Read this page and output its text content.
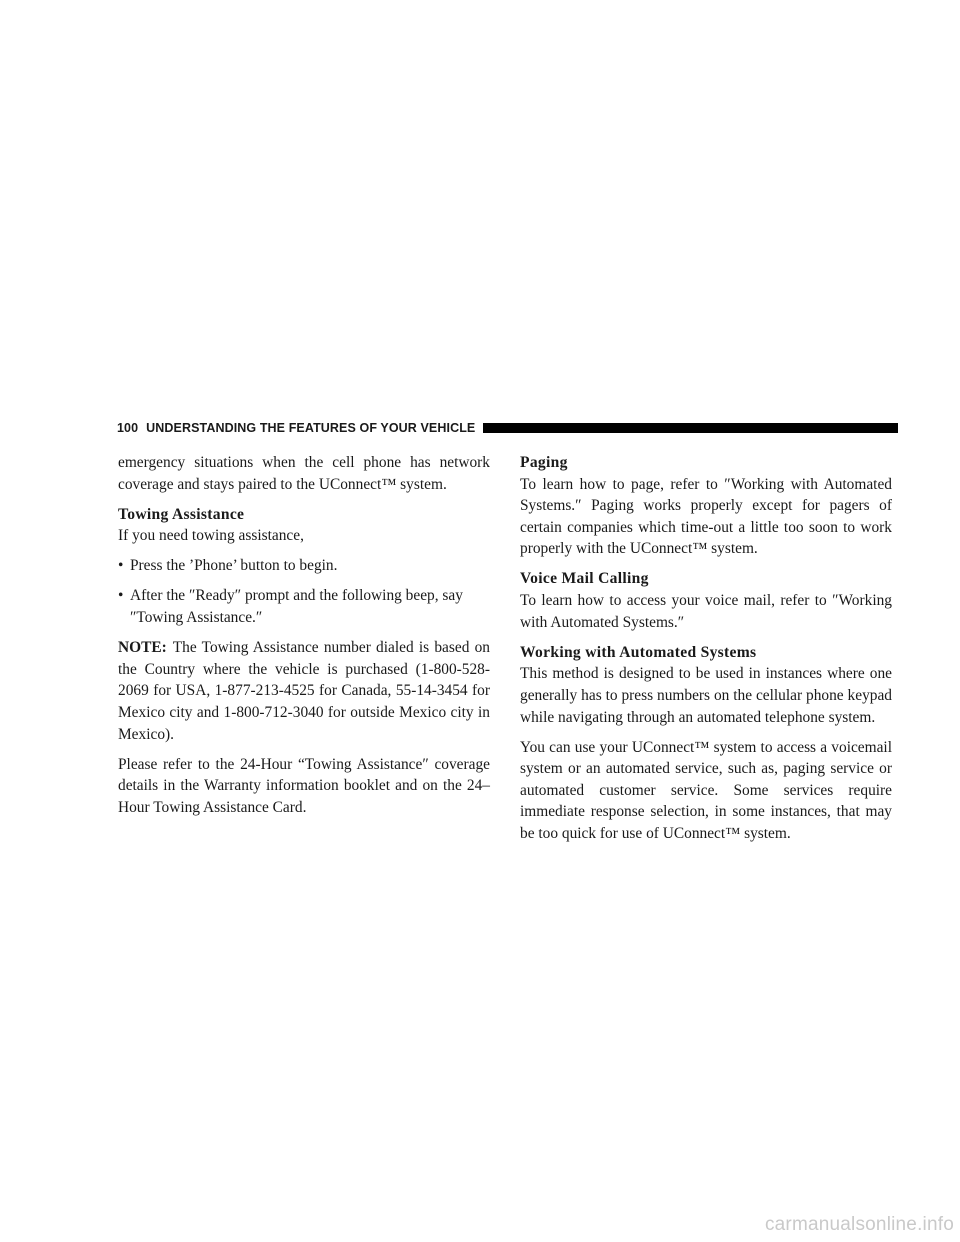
100 UNDERSTANDING THE FEATURES OF YOUR VEHICLE

emergency situations when the cell phone has network coverage and stays paired to the UConnect™ system.

Towing Assistance

If you need towing assistance,

• Press the ’Phone’ button to begin.
• After the ″Ready″ prompt and the following beep, say ″Towing Assistance.″

NOTE: The Towing Assistance number dialed is based on the Country where the vehicle is purchased (1-800-528-2069 for USA, 1-877-213-4525 for Canada, 55-14-3454 for Mexico city and 1-800-712-3040 for outside Mexico city in Mexico).

Please refer to the 24-Hour “Towing Assistance″ coverage details in the Warranty information booklet and on the 24–Hour Towing Assistance Card.

Paging

To learn how to page, refer to ″Working with Automated Systems.″ Paging works properly except for pagers of certain companies which time-out a little too soon to work properly with the UConnect™ system.

Voice Mail Calling

To learn how to access your voice mail, refer to ″Working with Automated Systems.″

Working with Automated Systems

This method is designed to be used in instances where one generally has to press numbers on the cellular phone keypad while navigating through an automated telephone system.

You can use your UConnect™ system to access a voicemail system or an automated service, such as, paging service or automated customer service. Some services require immediate response selection, in some instances, that may be too quick for use of UConnect™ system.

carmanualsonline.info
